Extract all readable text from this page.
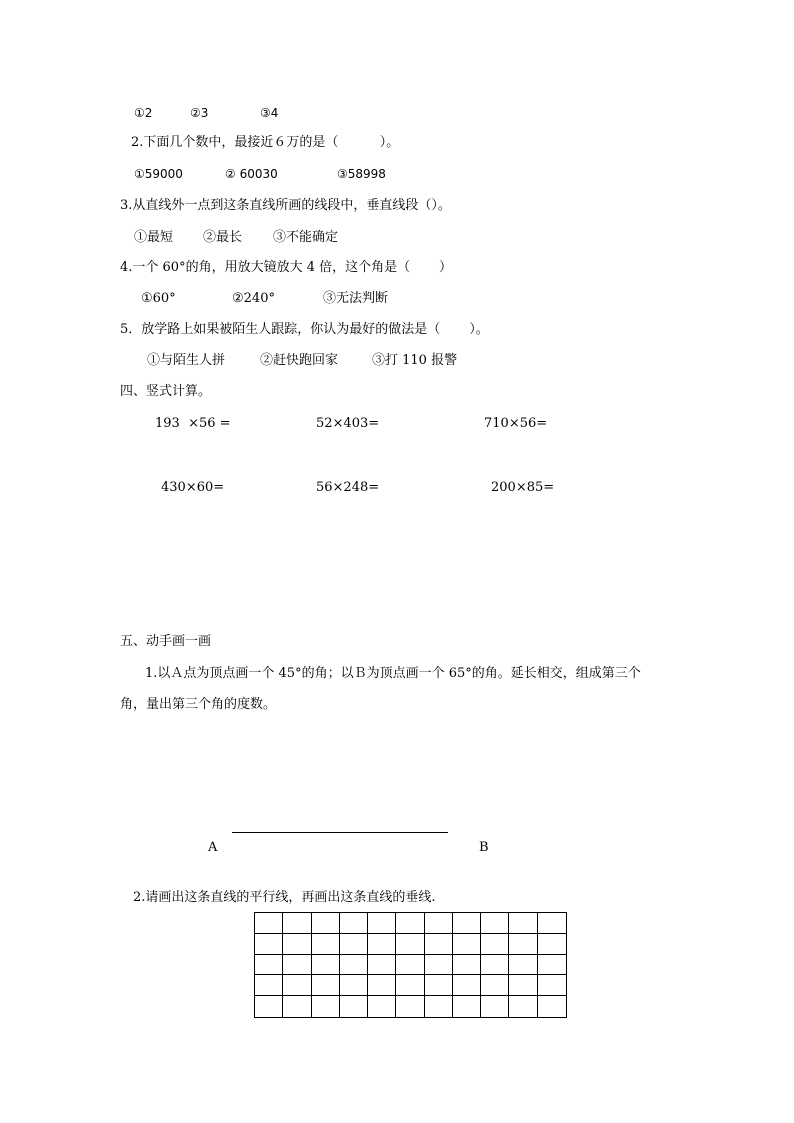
①2	②3	③4
2.下面几个数中，最接近６万的是（          ）。
①59000	② 60030	③58998
3.从直线外一点到这条直线所画的线段中，垂直线段（）。
①最短 ②最长 ③不能确定
4.一个 60°的角，用放大镜放大 4 倍，这个角是（       ）
①60°	②240°	③无法判断
5．放学路上如果被陌生人跟踪，你认为最好的做法是（       ）。
①与陌生人拼	②赶快跑回家	③打 110 报警
四、竖式计算。
193  ×56 =	52×403=	710×56=
430×60=	56×248=	200×85=
五、动手画一画
1.以Ａ点为顶点画一个 45°的角；以Ｂ为顶点画一个 65°的角。延长相交，组成第三个
角，量出第三个角的度数。
A	B
2.请画出这条直线的平行线，再画出这条直线的垂线.
